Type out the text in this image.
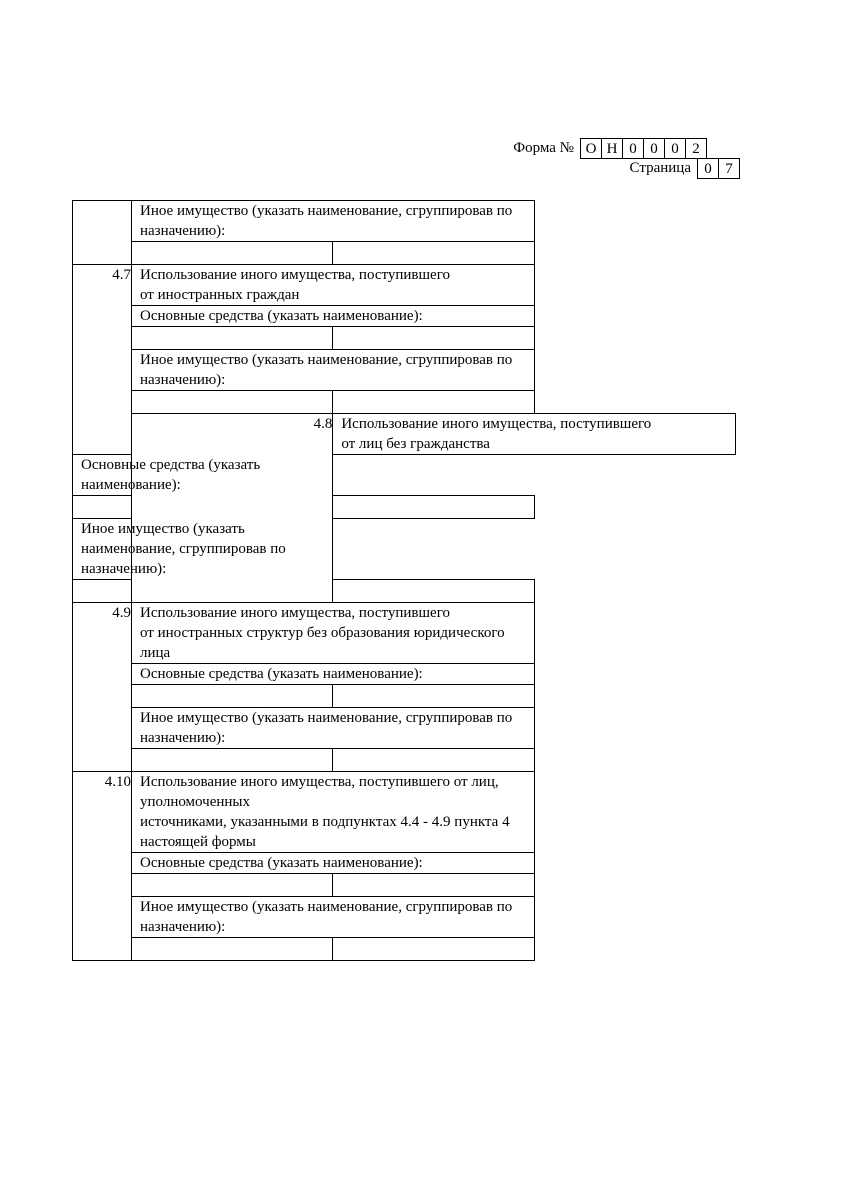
Форма № О Н 0 0 0 2
Страница 0 7
	Иное имущество (указать наименование, сгруппировав по назначению):	

4.7	Использование иного имущества, поступившего
от иностранных граждан	

	Основные средства (указать наименование):	

	Иное имущество (указать наименование, сгруппировав по назначению):	

	4.8	Использование иного имущества, поступившего
от лиц без гражданства

Основные средства (указать наименование):		

Иное имущество (указать наименование, сгруппировав по назначению):		

4.9	Использование иного имущества, поступившего
от иностранных структур без образования юридического лица	

	Основные средства (указать наименование):	

	Иное имущество (указать наименование, сгруппировав по назначению):	

4.10	Использование иного имущества, поступившего от лиц, уполномоченных
источниками, указанными в подпунктах 4.4 - 4.9 пункта 4 настоящей формы	

	Основные средства (указать наименование):	

	Иное имущество (указать наименование, сгруппировав по назначению):	
